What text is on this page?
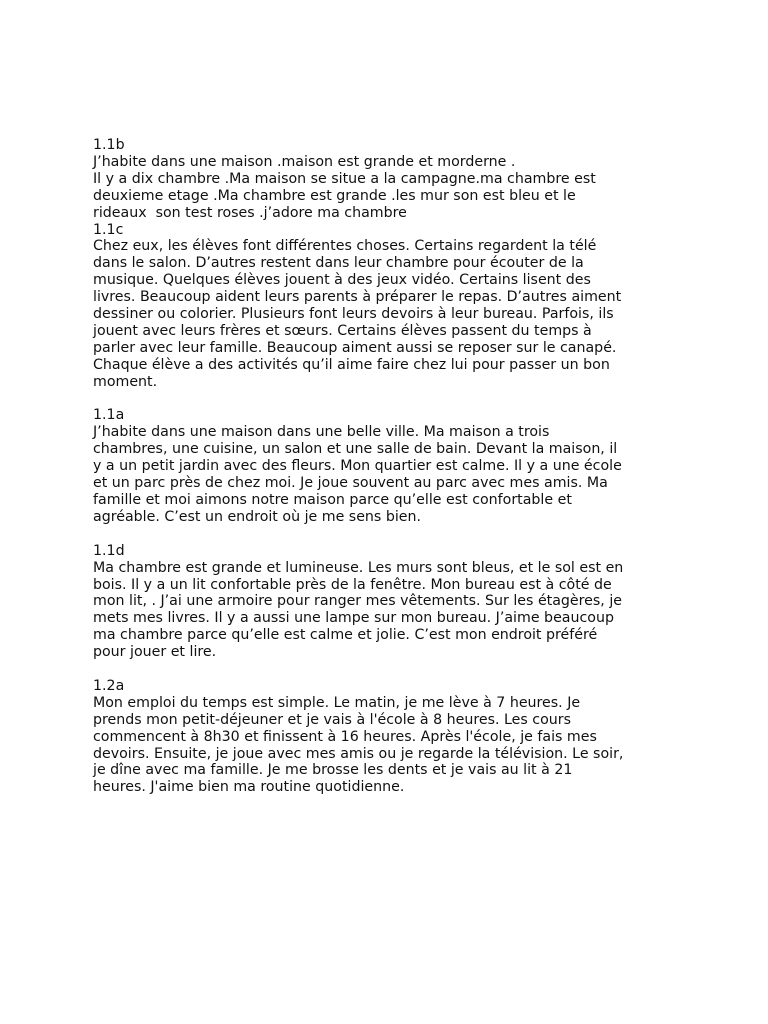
1.1b
J’habite dans une maison .maison est grande et morderne .
Il y a dix chambre .Ma maison se situe a la campagne.ma chambre est
deuxieme etage .Ma chambre est grande .les mur son est bleu et le
rideaux  son test roses .j’adore ma chambre
1.1c
Chez eux, les élèves font différentes choses. Certains regardent la télé
dans le salon. D’autres restent dans leur chambre pour écouter de la
musique. Quelques élèves jouent à des jeux vidéo. Certains lisent des
livres. Beaucoup aident leurs parents à préparer le repas. D’autres aiment
dessiner ou colorier. Plusieurs font leurs devoirs à leur bureau. Parfois, ils
jouent avec leurs frères et sœurs. Certains élèves passent du temps à
parler avec leur famille. Beaucoup aiment aussi se reposer sur le canapé.
Chaque élève a des activités qu’il aime faire chez lui pour passer un bon
moment.
1.1a
J’habite dans une maison dans une belle ville. Ma maison a trois
chambres, une cuisine, un salon et une salle de bain. Devant la maison, il
y a un petit jardin avec des fleurs. Mon quartier est calme. Il y a une école
et un parc près de chez moi. Je joue souvent au parc avec mes amis. Ma
famille et moi aimons notre maison parce qu’elle est confortable et
agréable. C’est un endroit où je me sens bien.
1.1d
Ma chambre est grande et lumineuse. Les murs sont bleus, et le sol est en
bois. Il y a un lit confortable près de la fenêtre. Mon bureau est à côté de
mon lit, . J’ai une armoire pour ranger mes vêtements. Sur les étagères, je
mets mes livres. Il y a aussi une lampe sur mon bureau. J’aime beaucoup
ma chambre parce qu’elle est calme et jolie. C’est mon endroit préféré
pour jouer et lire.
1.2a
Mon emploi du temps est simple. Le matin, je me lève à 7 heures. Je
prends mon petit-déjeuner et je vais à l'école à 8 heures. Les cours
commencent à 8h30 et finissent à 16 heures. Après l'école, je fais mes
devoirs. Ensuite, je joue avec mes amis ou je regarde la télévision. Le soir,
je dîne avec ma famille. Je me brosse les dents et je vais au lit à 21
heures. J'aime bien ma routine quotidienne.
